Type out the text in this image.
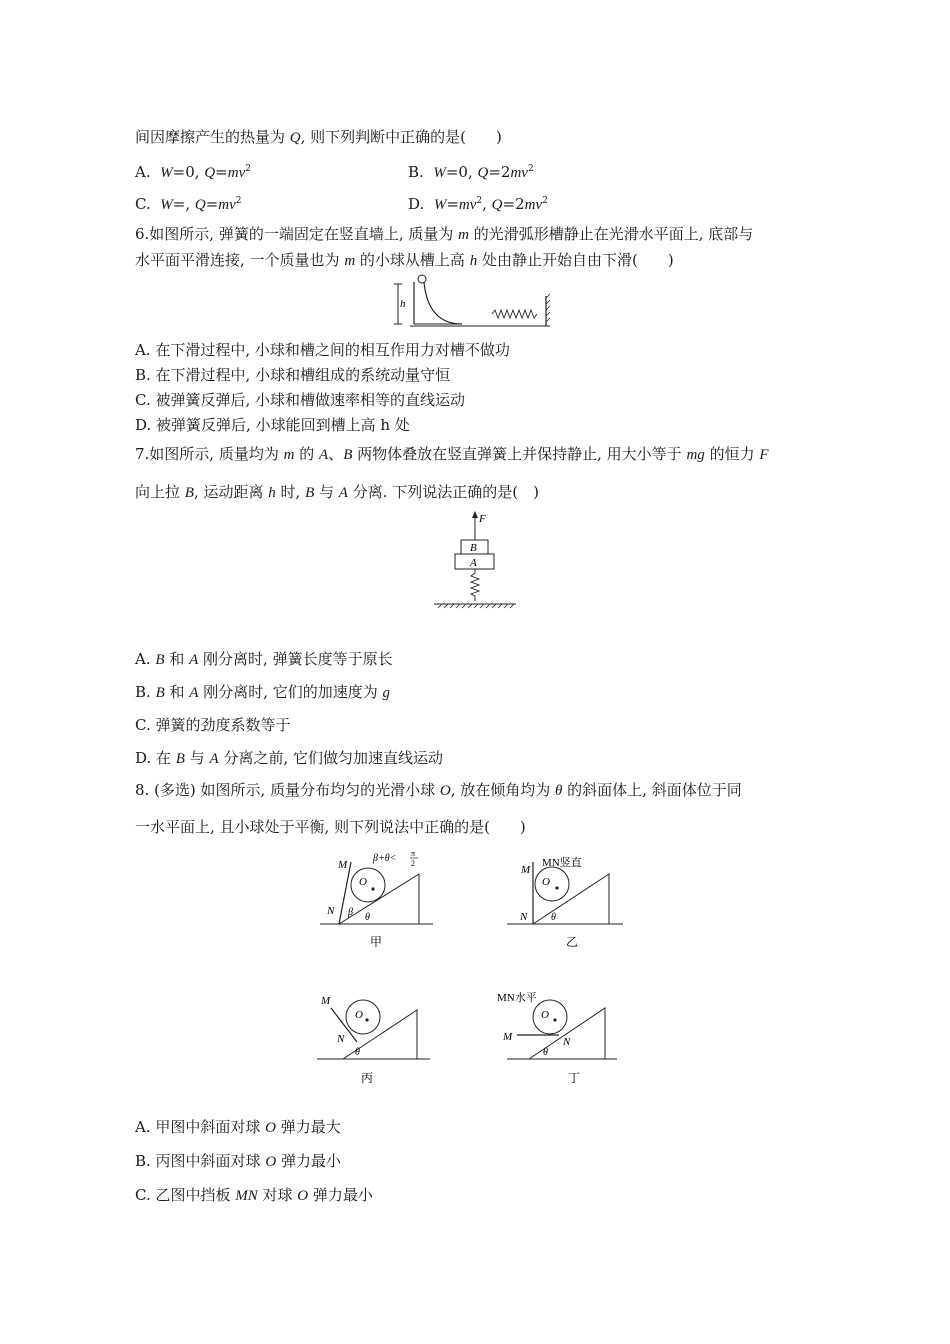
间因摩擦产生的热量为 Q, 则下列判断中正确的是(　　)
A. W=0, $Q=mv^2$	B. W=0, $Q=2mv^2$
C. W=, $Q=mv^2$	D. $W=mv^2$, $Q=2mv^2$
6.如图所示, 弹簧的一端固定在竖直墙上, 质量为 m 的光滑弧形槽静止在光滑水平面上, 底部与
水平面平滑连接, 一个质量也为 m 的小球从槽上高 h 处由静止开始自由下滑(　　)
h
A. 在下滑过程中, 小球和槽之间的相互作用力对槽不做功
B. 在下滑过程中, 小球和槽组成的系统动量守恒
C. 被弹簧反弹后, 小球和槽做速率相等的直线运动
D. 被弹簧反弹后, 小球能回到槽上高 h 处
7.如图所示, 质量均为 m 的 A、B 两物体叠放在竖直弹簧上并保持静止, 用大小等于 mg 的恒力 F
向上拉 B, 运动距离 h 时, B 与 A 分离. 下列说法正确的是(　)
F
B
A
A. B 和 A 刚分离时, 弹簧长度等于原长
B. B 和 A 刚分离时, 它们的加速度为 g
C. 弹簧的劲度系数等于
D. 在 B 与 A 分离之前, 它们做匀加速直线运动
8. (多选) 如图所示, 质量分布均匀的光滑小球 O, 放在倾角均为 θ 的斜面体上, 斜面体位于同
一水平面上, 且小球处于平衡, 则下列说法中正确的是(　　)
O
M
N β θ
β+θ< π
2
甲
O
M
N θ
MN竖直
乙
O
M
N
θ
丙
O
M	N
θ
MN水平
丁
A. 甲图中斜面对球 O 弹力最大
B. 丙图中斜面对球 O 弹力最小
C. 乙图中挡板 MN 对球 O 弹力最小
